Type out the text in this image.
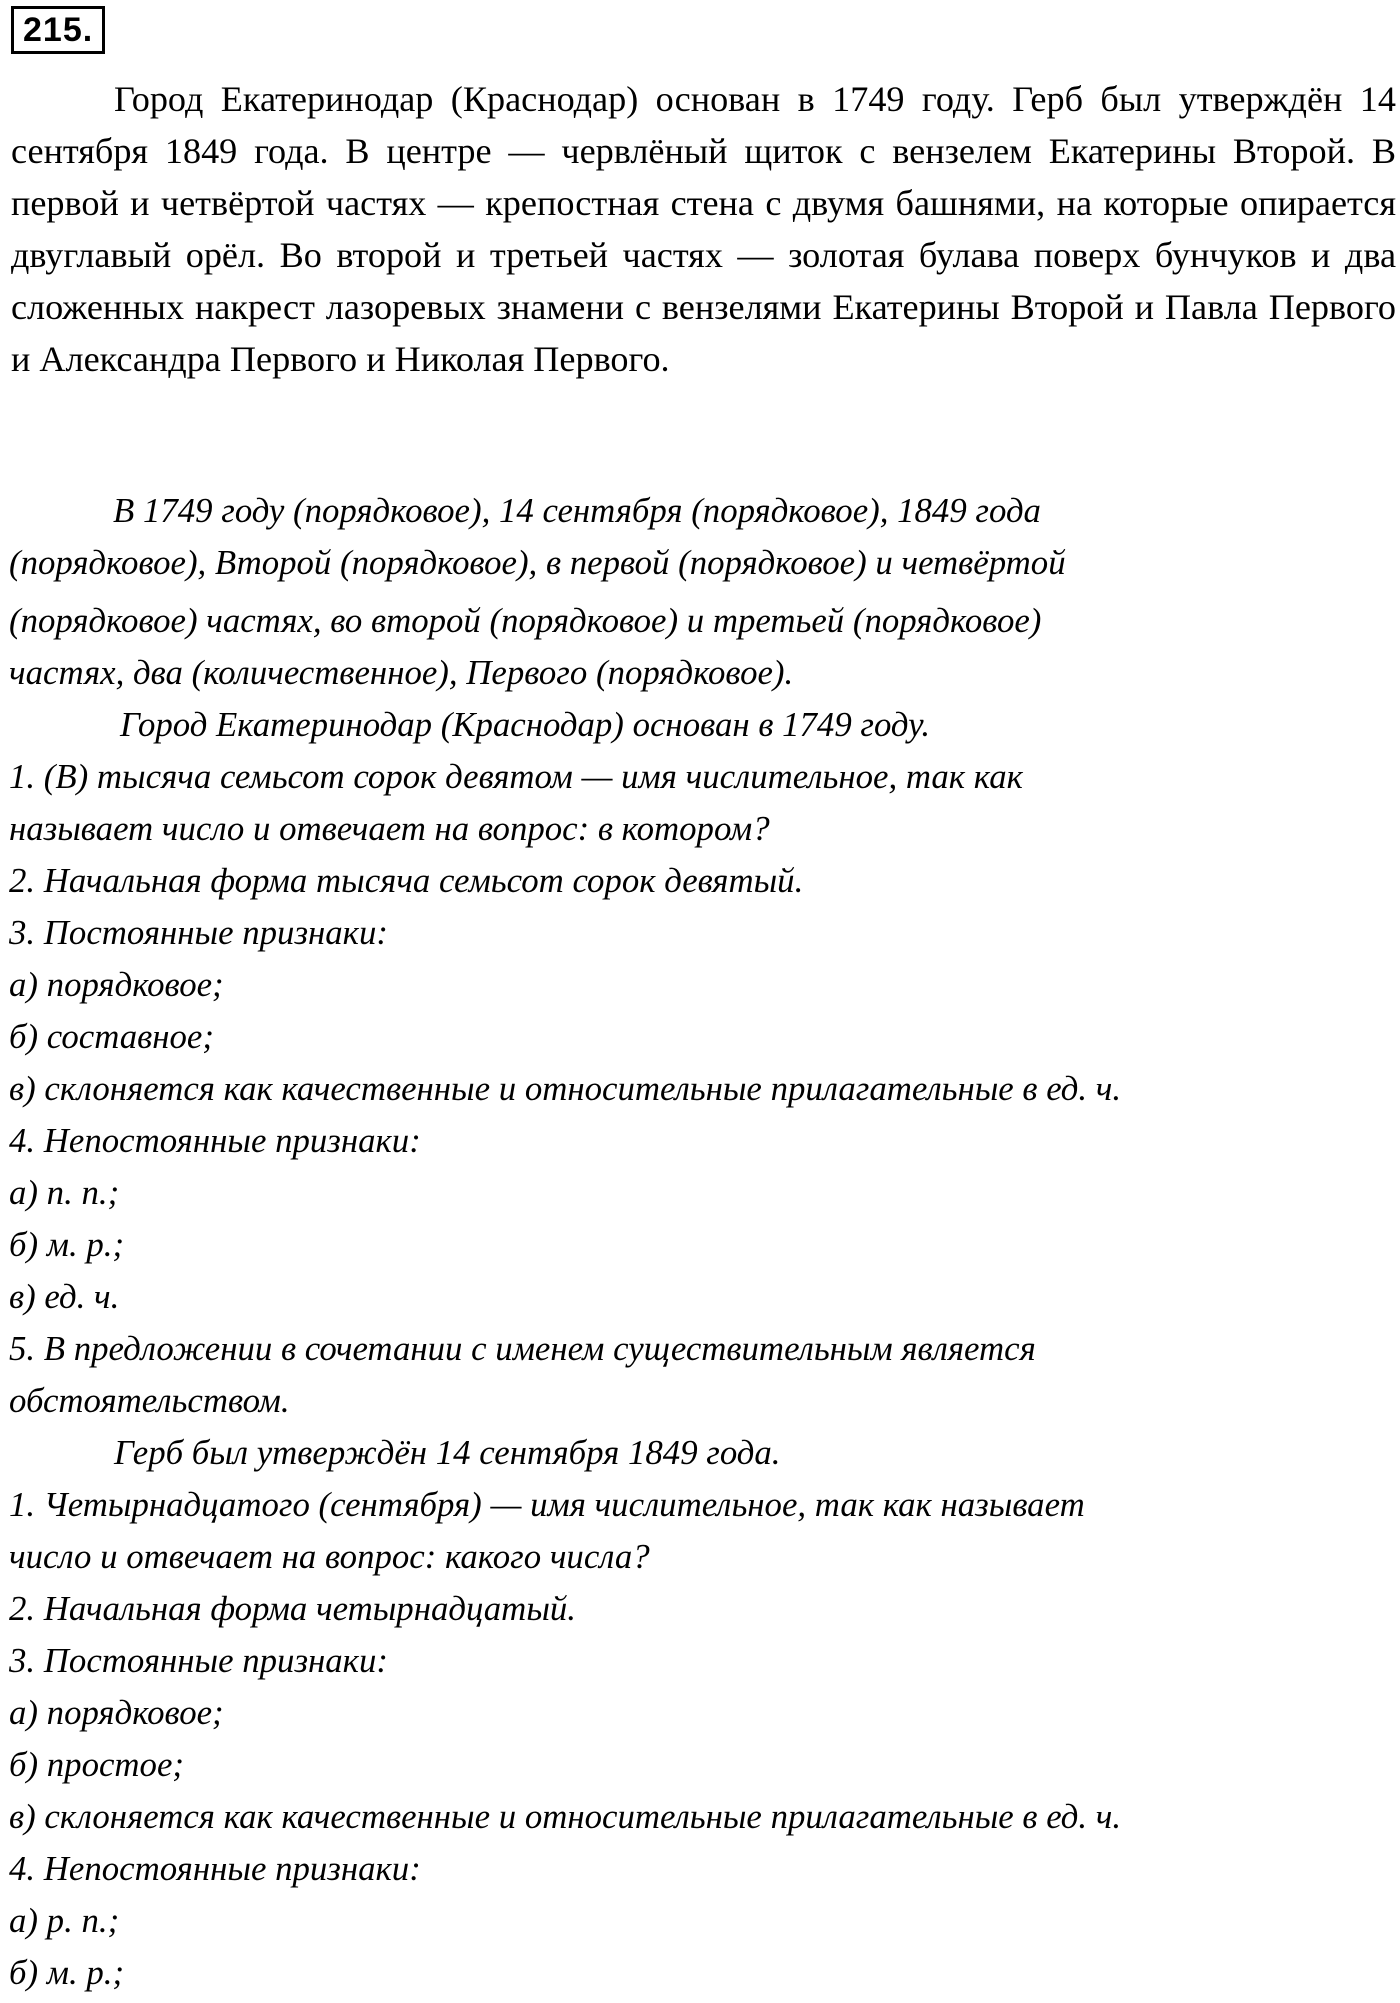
215.

Город Екатеринодар (Краснодар) основан в 1749 году. Герб был утверждён 14 сентября 1849 года. В центре — червлёный щиток с вензелем Екатерины Второй. В первой и четвёртой частях — крепостная стена с двумя башнями, на которые опирается двуглавый орёл. Во второй и третьей частях — золотая булава поверх бунчуков и два сложенных накрест лазоревых знамени с вензелями Екатерины Второй и Павла Первого и Александра Первого и Николая Первого.

В 1749 году (порядковое), 14 сентября (порядковое), 1849 года
(порядковое), Второй (порядковое), в первой (порядковое) и четвёртой
(порядковое) частях, во второй (порядковое) и третьей (порядковое)
частях, два (количественное), Первого (порядковое).
Город Екатеринодар (Краснодар) основан в 1749 году.
1. (В) тысяча семьсот сорок девятом — имя числительное, так как
называет число и отвечает на вопрос: в котором?
2. Начальная форма тысяча семьсот сорок девятый.
3. Постоянные признаки:
а) порядковое;
б) составное;
в) склоняется как качественные и относительные прилагательные в ед. ч.
4. Непостоянные признаки:
а) п. п.;
б) м. р.;
в) ед. ч.
5. В предложении в сочетании с именем существительным является
обстоятельством.
Герб был утверждён 14 сентября 1849 года.
1. Четырнадцатого (сентября) — имя числительное, так как называет
число и отвечает на вопрос: какого числа?
2. Начальная форма четырнадцатый.
3. Постоянные признаки:
а) порядковое;
б) простое;
в) склоняется как качественные и относительные прилагательные в ед. ч.
4. Непостоянные признаки:
а) р. п.;
б) м. р.;
